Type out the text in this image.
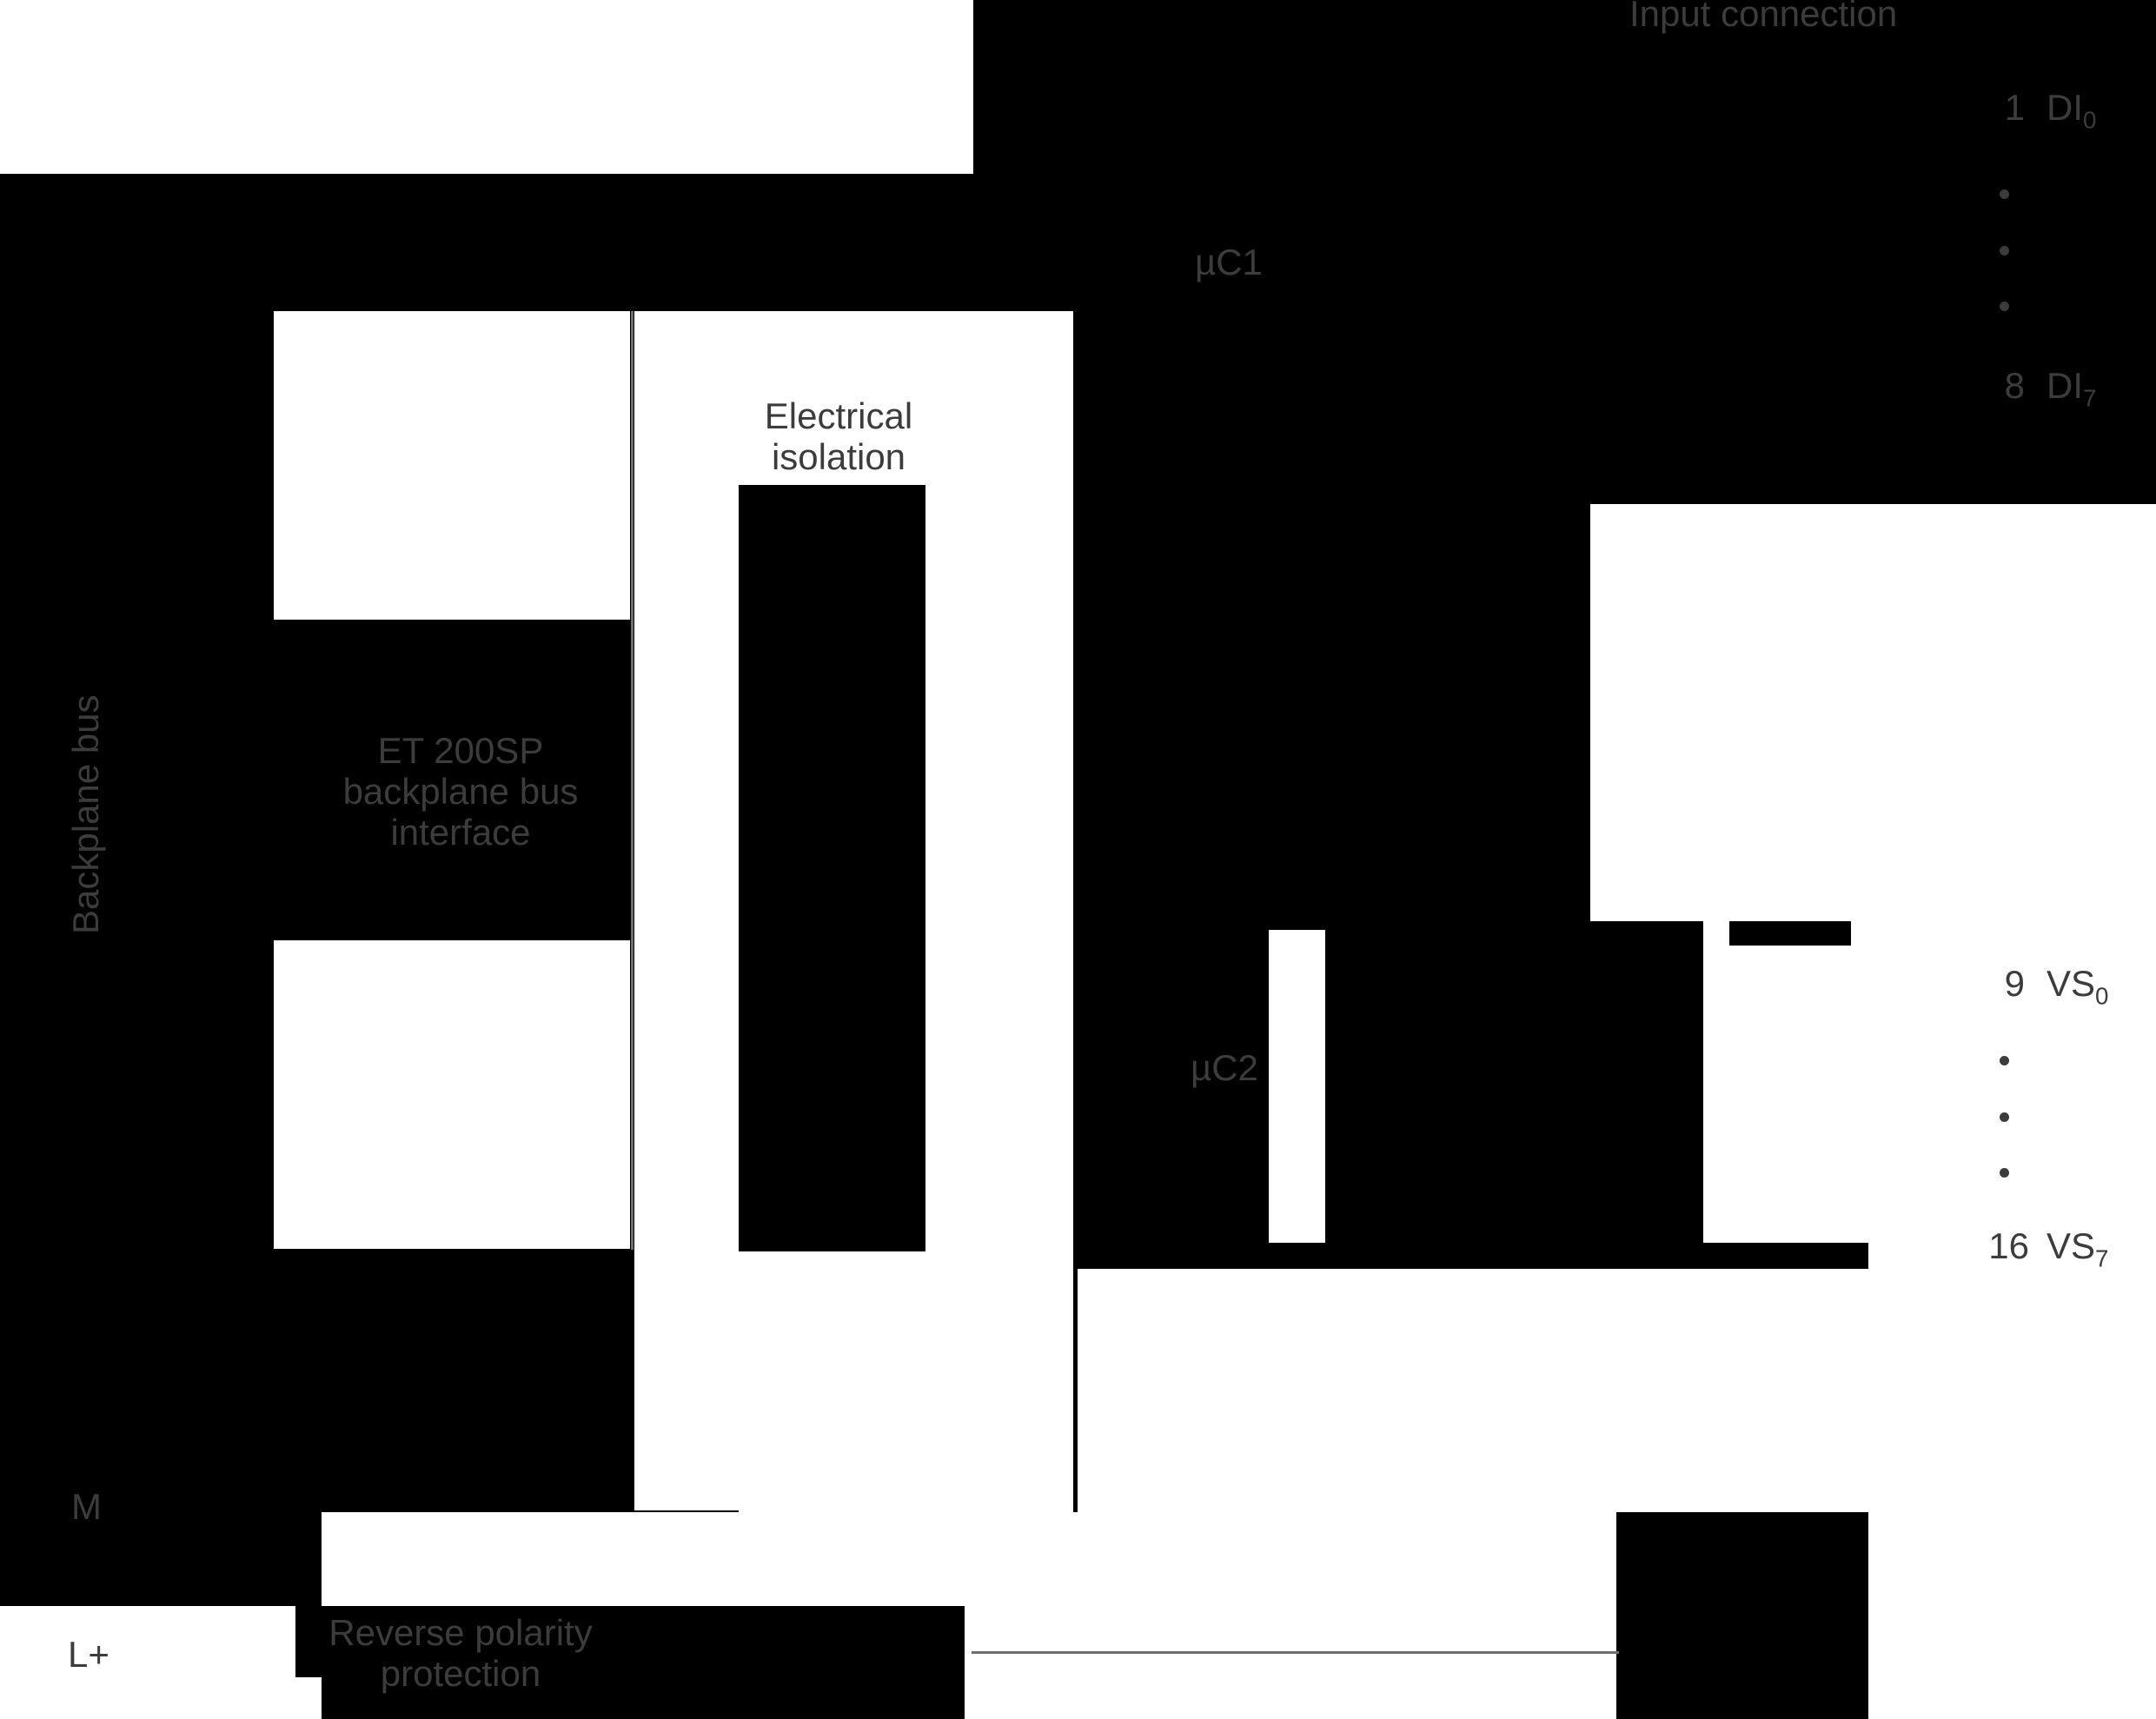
Input connection
µC1
µC2
Electrical
isolation
ET 200SP
backplane bus
interface
Backplane bus
Reverse polarity
protection
M
L+
1 $DI_0$
8 $DI_7$
9 $VS_0$
16 $VS_7$
